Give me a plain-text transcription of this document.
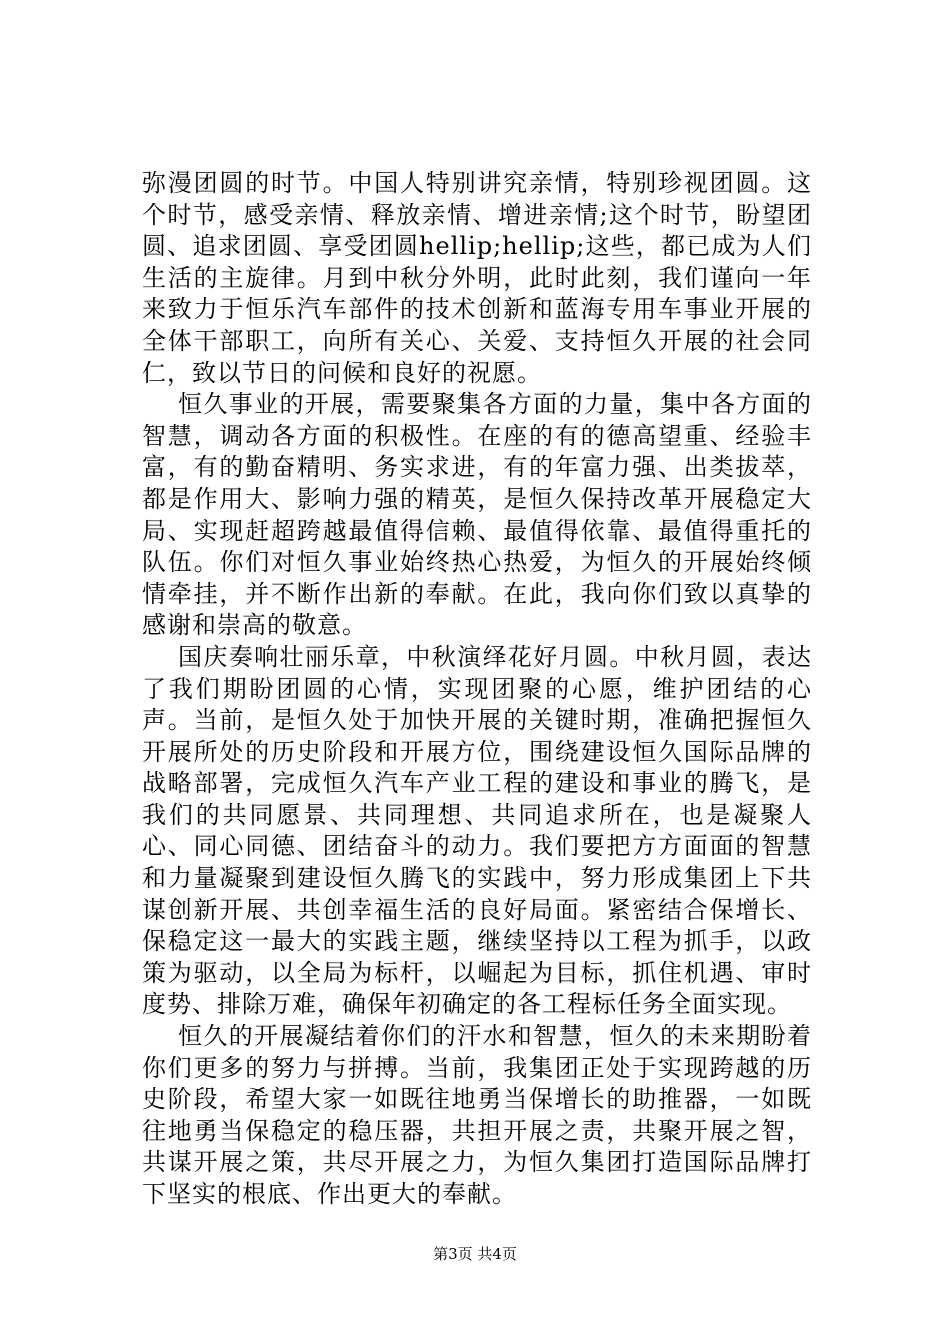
弥漫团圆的时节。中国人特别讲究亲情，特别珍视团圆。这个时节，感受亲情、释放亲情、增进亲情;这个时节，盼望团圆、追求团圆、享受团圆hellip;hellip;这些，都已成为人们生活的主旋律。月到中秋分外明，此时此刻，我们谨向一年来致力于恒乐汽车部件的技术创新和蓝海专用车事业开展的全体干部职工，向所有关心、关爱、支持恒久开展的社会同仁，致以节日的问候和良好的祝愿。

恒久事业的开展，需要聚集各方面的力量，集中各方面的智慧，调动各方面的积极性。在座的有的德高望重、经验丰富，有的勤奋精明、务实求进，有的年富力强、出类拔萃，都是作用大、影响力强的精英，是恒久保持改革开展稳定大局、实现赶超跨越最值得信赖、最值得依靠、最值得重托的队伍。你们对恒久事业始终热心热爱，为恒久的开展始终倾情牵挂，并不断作出新的奉献。在此，我向你们致以真挚的感谢和崇高的敬意。

国庆奏响壮丽乐章，中秋演绎花好月圆。中秋月圆，表达了我们期盼团圆的心情，实现团聚的心愿，维护团结的心声。当前，是恒久处于加快开展的关键时期，准确把握恒久开展所处的历史阶段和开展方位，围绕建设恒久国际品牌的战略部署，完成恒久汽车产业工程的建设和事业的腾飞，是我们的共同愿景、共同理想、共同追求所在，也是凝聚人心、同心同德、团结奋斗的动力。我们要把方方面面的智慧和力量凝聚到建设恒久腾飞的实践中，努力形成集团上下共谋创新开展、共创幸福生活的良好局面。紧密结合保增长、保稳定这一最大的实践主题，继续坚持以工程为抓手，以政策为驱动，以全局为标杆，以崛起为目标，抓住机遇、审时度势、排除万难，确保年初确定的各工程标任务全面实现。

恒久的开展凝结着你们的汗水和智慧，恒久的未来期盼着你们更多的努力与拼搏。当前，我集团正处于实现跨越的历史阶段，希望大家一如既往地勇当保增长的助推器，一如既往地勇当保稳定的稳压器，共担开展之责，共聚开展之智，共谋开展之策，共尽开展之力，为恒久集团打造国际品牌打下坚实的根底、作出更大的奉献。

第3页 共4页
